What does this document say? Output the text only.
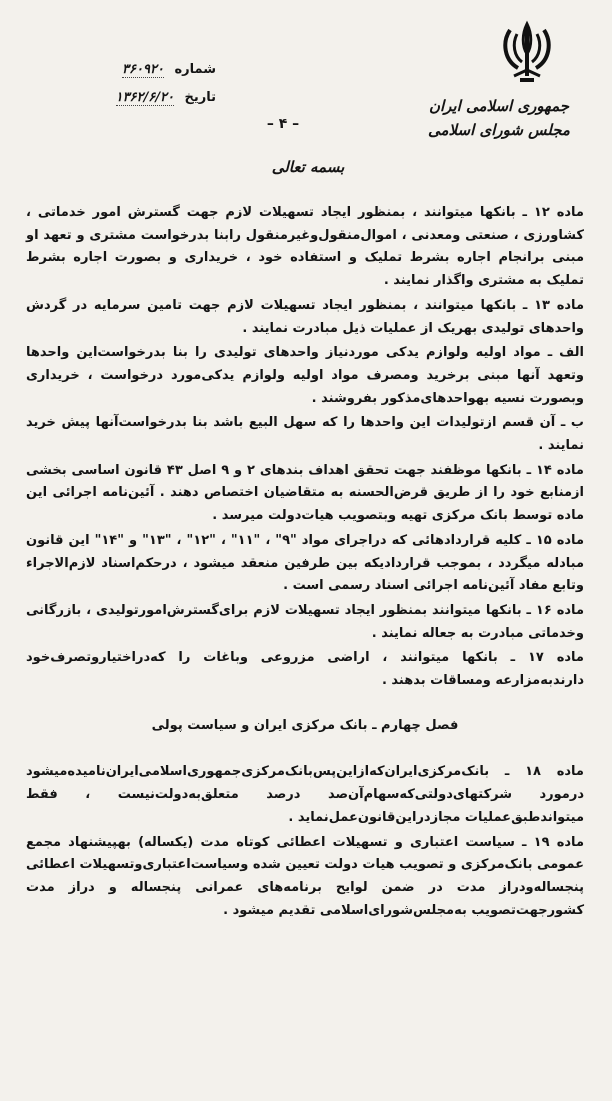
جمهوری اسلامی ایران
مجلس شورای اسلامی
شماره ۳۶۰۹۲۰
تاریخ ۱۳۶۲/۶/۲۰
– ۴ –
بسمه تعالی

ماده ۱۲ ـ بانکها میتوانند ، بمنظور ایجاد تسهیلات لازم جهت گسترش امور خدماتی ، کشاورزی ، صنعتی ومعدنی ، اموال‌منقول‌وغیرمنقول رابنا بدرخواست مشتری و تعهد او مبنی برانجام اجاره بشرط تملیک و استفاده خود ، خریداری و بصورت اجاره بشرط تملیک به مشتری واگذار نمایند .

ماده ۱۳ ـ بانکها میتوانند ، بمنظور ایجاد تسهیلات لازم جهت تامین سرمایه در گردش واحدهای تولیدی بهریک از عملیات ذیل مبادرت نمایند .

الف ـ مواد اولیه ولوازم یدکی موردنیاز واحدهای تولیدی را بنا بدرخواست‌این واحدها وتعهد آنها مبنی برخرید ومصرف مواد اولیه ولوازم یدکی‌مورد درخواست ، خریداری وبصورت نسیه بهواحدهای‌مذکور بفروشند .

ب ـ آن قسم ازتولیدات این واحدها را که سهل البیع باشد بنا بدرخواست‌آنها پیش خرید نمایند .

ماده ۱۴ ـ بانکها موظفند جهت تحقق اهداف بندهای ۲ و ۹ اصل ۴۳ قانون اساسی بخشی ازمنابع خود را از طریق قرض‌الحسنه به متقاضیان اختصاص دهند . آئین‌نامه اجرائی این ماده توسط بانک مرکزی تهیه وبتصویب هیات‌دولت میرسد .

ماده ۱۵ ـ کلیه قراردادهائی که دراجرای مواد "۹" ، "۱۱" ، "۱۲" ، "۱۳" و "۱۴" این قانون مبادله میگردد ، بموجب قراردادیکه بین طرفین منعقد میشود ، درحکم‌اسناد لازم‌الاجراء وتابع مفاد آئین‌نامه اجرائی اسناد رسمی است .

ماده ۱۶ ـ بانکها میتوانند بمنظور ایجاد تسهیلات لازم برای‌گسترش‌امورتولیدی ، بازرگانی وخدماتی مبادرت به جعاله نمایند .

ماده ۱۷ ـ بانکها میتوانند ، اراضی مزروعی وباغات را که‌دراختیاروتصرف‌خود دارندبه‌مزارعه ومساقات بدهند .

فصل چهارم ـ بانک مرکزی ایران و سیاست پولی

ماده ۱۸ ـ بانک‌مرکزی‌ایران‌که‌ازاین‌پس‌بانک‌مرکزی‌جمهوری‌اسلامی‌ایران‌نامیده‌میشود درمورد شرکتهای‌دولتی‌که‌سهام‌آن‌صد درصد متعلق‌به‌دولت‌نیست ، فقط میتواند‌طبق‌عملیات مجازدراین‌قانون‌عمل‌نماید .

ماده ۱۹ ـ سیاست اعتباری و تسهیلات اعطائی کوتاه مدت (یکساله) بهپیشنهاد مجمع عمومی بانک‌مرکزی و تصویب هیات دولت تعیین شده وسیاست‌اعتباری‌وتسهیلات اعطائی پنجساله‌ودراز مدت در ضمن لوایح برنامه‌های عمرانی پنجساله و دراز مدت کشورجهت‌تصویب به‌مجلس‌شورای‌اسلامی تقدیم میشود .
